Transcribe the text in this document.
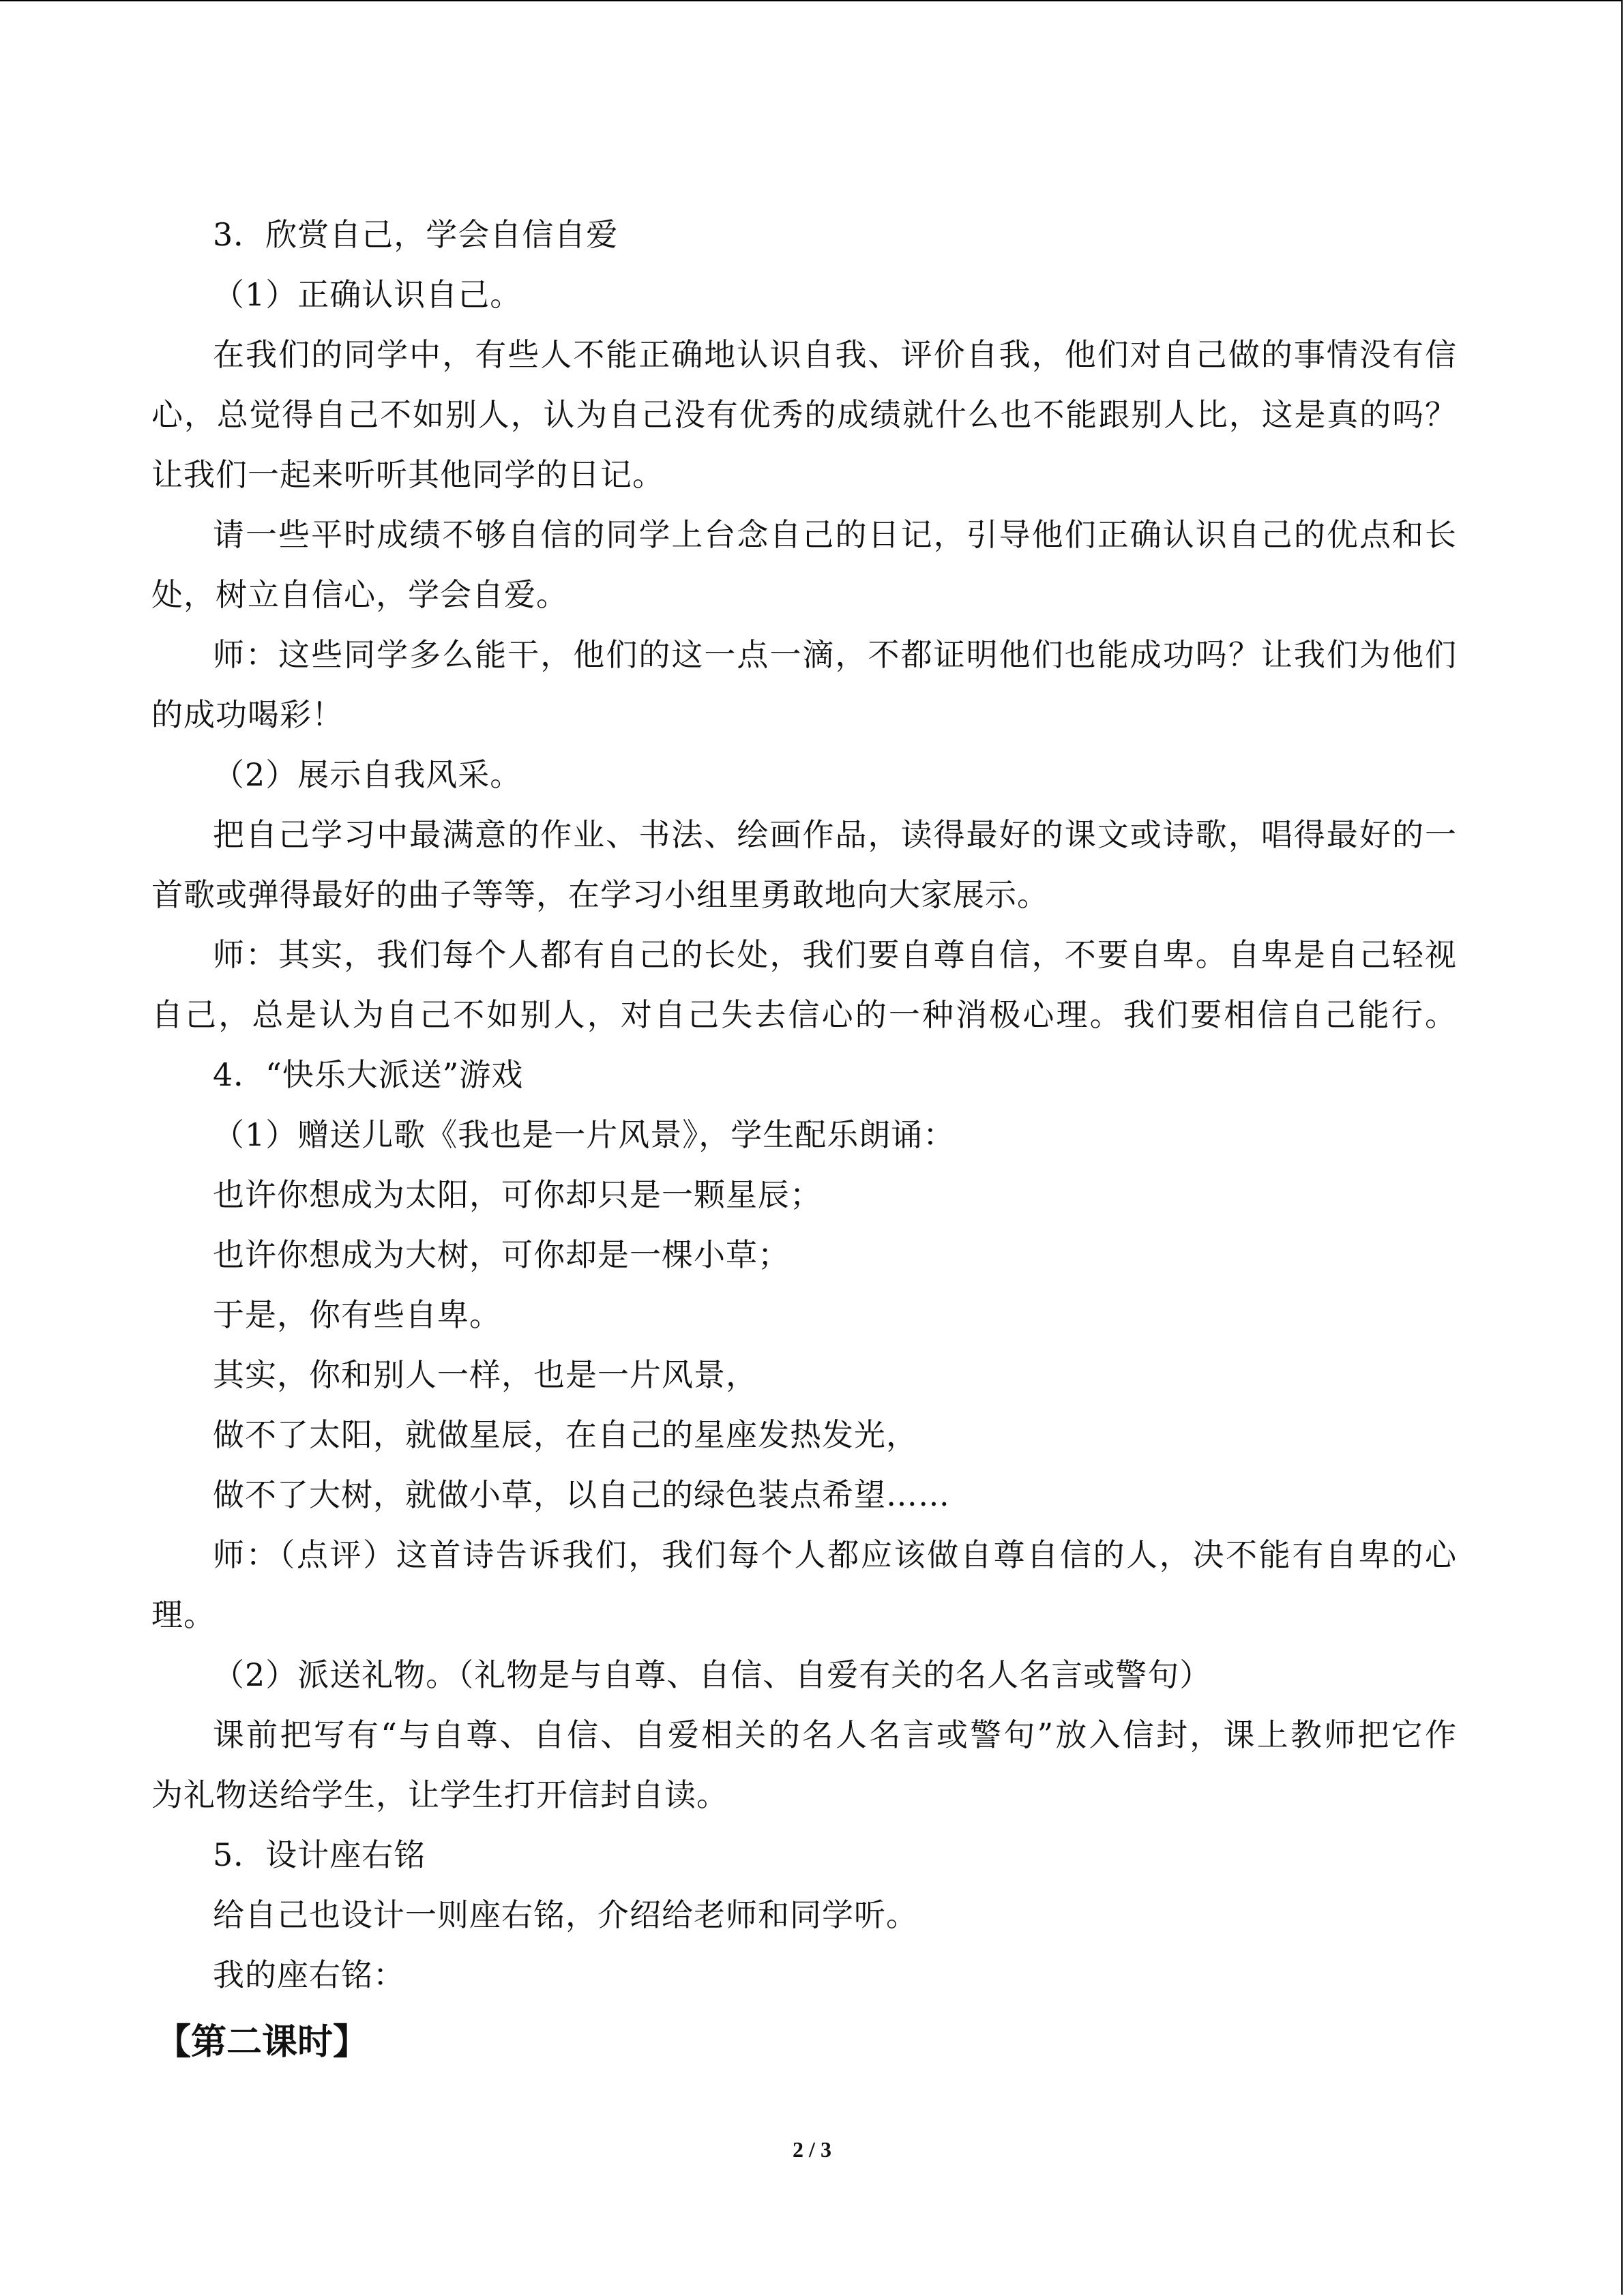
3．欣赏自己，学会自信自爱
（1）正确认识自己。
在我们的同学中，有些人不能正确地认识自我、评价自我，他们对自己做的事情没有信
心，总觉得自己不如别人，认为自己没有优秀的成绩就什么也不能跟别人比，这是真的吗？
让我们一起来听听其他同学的日记。
请一些平时成绩不够自信的同学上台念自己的日记，引导他们正确认识自己的优点和长
处，树立自信心，学会自爱。
师：这些同学多么能干，他们的这一点一滴，不都证明他们也能成功吗？让我们为他们
的成功喝彩！
（2）展示自我风采。
把自己学习中最满意的作业、书法、绘画作品，读得最好的课文或诗歌，唱得最好的一
首歌或弹得最好的曲子等等，在学习小组里勇敢地向大家展示。
师：其实，我们每个人都有自己的长处，我们要自尊自信，不要自卑。自卑是自己轻视
自己，总是认为自己不如别人，对自己失去信心的一种消极心理。我们要相信自己能行。
4．“快乐大派送”游戏
（1）赠送儿歌《我也是一片风景》，学生配乐朗诵：
也许你想成为太阳，可你却只是一颗星辰；
也许你想成为大树，可你却是一棵小草；
于是，你有些自卑。
其实，你和别人一样，也是一片风景，
做不了太阳，就做星辰，在自己的星座发热发光，
做不了大树，就做小草，以自己的绿色装点希望……
师：（点评）这首诗告诉我们，我们每个人都应该做自尊自信的人，决不能有自卑的心
理。
（2）派送礼物。（礼物是与自尊、自信、自爱有关的名人名言或警句）
课前把写有“与自尊、自信、自爱相关的名人名言或警句”放入信封，课上教师把它作
为礼物送给学生，让学生打开信封自读。
5．设计座右铭
给自己也设计一则座右铭，介绍给老师和同学听。
我的座右铭：
【第二课时】
2 / 3
